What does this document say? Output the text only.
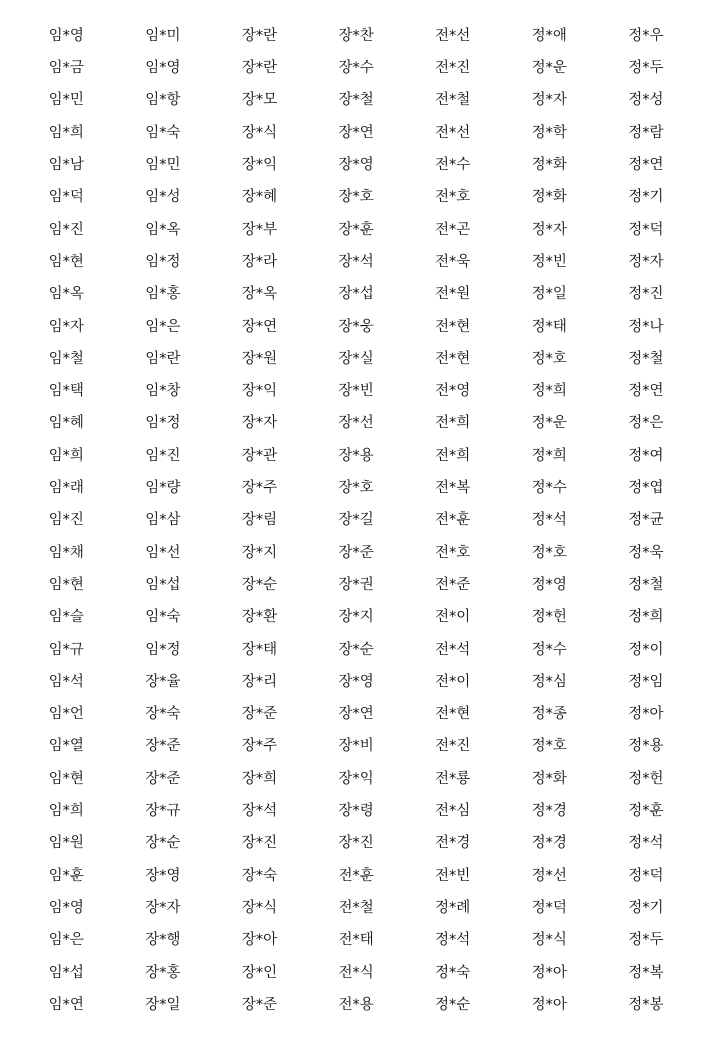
임*영	임*미	장*란	장*찬	전*선	정*애	정*우
임*금	임*영	장*란	장*수	전*진	정*운	정*두
임*민	임*항	장*모	장*철	전*철	정*자	정*성
임*희	임*숙	장*식	장*연	전*선	정*학	정*람
임*남	임*민	장*익	장*영	전*수	정*화	정*연
임*덕	임*성	장*혜	장*호	전*호	정*화	정*기
임*진	임*옥	장*부	장*훈	전*곤	정*자	정*덕
임*현	임*정	장*라	장*석	전*욱	정*빈	정*자
임*옥	임*홍	장*옥	장*섭	전*원	정*일	정*진
임*자	임*은	장*연	장*웅	전*현	정*태	정*나
임*철	임*란	장*원	장*실	전*현	정*호	정*철
임*택	임*창	장*익	장*빈	전*영	정*희	정*연
임*혜	임*정	장*자	장*선	전*희	정*운	정*은
임*희	임*진	장*관	장*용	전*희	정*희	정*여
임*래	임*량	장*주	장*호	전*복	정*수	정*엽
임*진	임*삼	장*림	장*길	전*훈	정*석	정*균
임*채	임*선	장*지	장*준	전*호	정*호	정*욱
임*현	임*섭	장*순	장*권	전*준	정*영	정*철
임*슬	임*숙	장*환	장*지	전*이	정*헌	정*희
임*규	임*정	장*태	장*순	전*석	정*수	정*이
임*석	장*율	장*리	장*영	전*이	정*심	정*임
임*언	장*숙	장*준	장*연	전*현	정*종	정*아
임*열	장*준	장*주	장*비	전*진	정*호	정*용
임*현	장*준	장*희	장*익	전*룡	정*화	정*헌
임*희	장*규	장*석	장*령	전*심	정*경	정*훈
임*원	장*순	장*진	장*진	전*경	정*경	정*석
임*훈	장*영	장*숙	전*훈	전*빈	정*선	정*덕
임*영	장*자	장*식	전*철	정*례	정*덕	정*기
임*은	장*행	장*아	전*태	정*석	정*식	정*두
임*섭	장*홍	장*인	전*식	정*숙	정*아	정*복
임*연	장*일	장*준	전*용	정*순	정*아	정*봉
